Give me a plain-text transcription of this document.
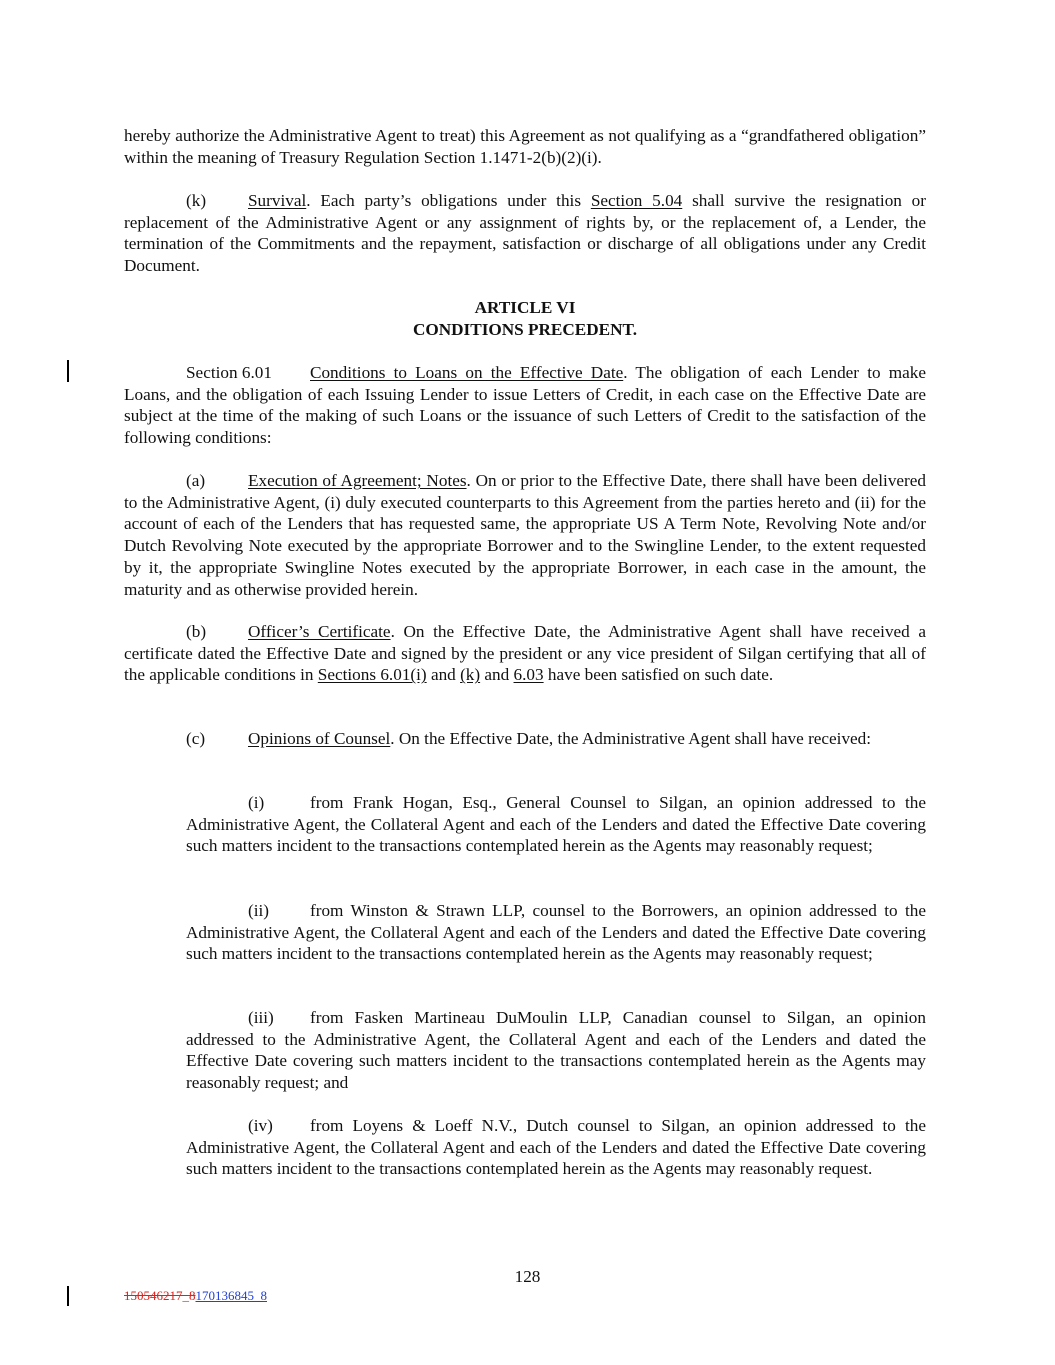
hereby authorize the Administrative Agent to treat) this Agreement as not qualifying as a “grandfathered obligation” within the meaning of Treasury Regulation Section 1.1471-2(b)(2)(i).
(k) Survival. Each party’s obligations under this Section 5.04 shall survive the resignation or replacement of the Administrative Agent or any assignment of rights by, or the replacement of, a Lender, the termination of the Commitments and the repayment, satisfaction or discharge of all obligations under any Credit Document.
ARTICLE VI
CONDITIONS PRECEDENT.
Section 6.01 Conditions to Loans on the Effective Date. The obligation of each Lender to make Loans, and the obligation of each Issuing Lender to issue Letters of Credit, in each case on the Effective Date are subject at the time of the making of such Loans or the issuance of such Letters of Credit to the satisfaction of the following conditions:
(a) Execution of Agreement; Notes. On or prior to the Effective Date, there shall have been delivered to the Administrative Agent, (i) duly executed counterparts to this Agreement from the parties hereto and (ii) for the account of each of the Lenders that has requested same, the appropriate US A Term Note, Revolving Note and/or Dutch Revolving Note executed by the appropriate Borrower and to the Swingline Lender, to the extent requested by it, the appropriate Swingline Notes executed by the appropriate Borrower, in each case in the amount, the maturity and as otherwise provided herein.
(b) Officer’s Certificate. On the Effective Date, the Administrative Agent shall have received a certificate dated the Effective Date and signed by the president or any vice president of Silgan certifying that all of the applicable conditions in Sections 6.01(i) and (k) and 6.03 have been satisfied on such date.
(c) Opinions of Counsel. On the Effective Date, the Administrative Agent shall have received:
(i)	from Frank Hogan, Esq., General Counsel to Silgan, an opinion addressed to the Administrative Agent, the Collateral Agent and each of the Lenders and dated the Effective Date covering such matters incident to the transactions contemplated herein as the Agents may reasonably request;
(ii) from Winston & Strawn LLP, counsel to the Borrowers, an opinion addressed to the Administrative Agent, the Collateral Agent and each of the Lenders and dated the Effective Date covering such matters incident to the transactions contemplated herein as the Agents may reasonably request;
(iii) from Fasken Martineau DuMoulin LLP, Canadian counsel to Silgan, an opinion addressed to the Administrative Agent, the Collateral Agent and each of the Lenders and dated the Effective Date covering such matters incident to the transactions contemplated herein as the Agents may reasonably request; and
(iv) from Loyens & Loeff N.V., Dutch counsel to Silgan, an opinion addressed to the Administrative Agent, the Collateral Agent and each of the Lenders and dated the Effective Date covering such matters incident to the transactions contemplated herein as the Agents may reasonably request.
128
150546217_8170136845_8
